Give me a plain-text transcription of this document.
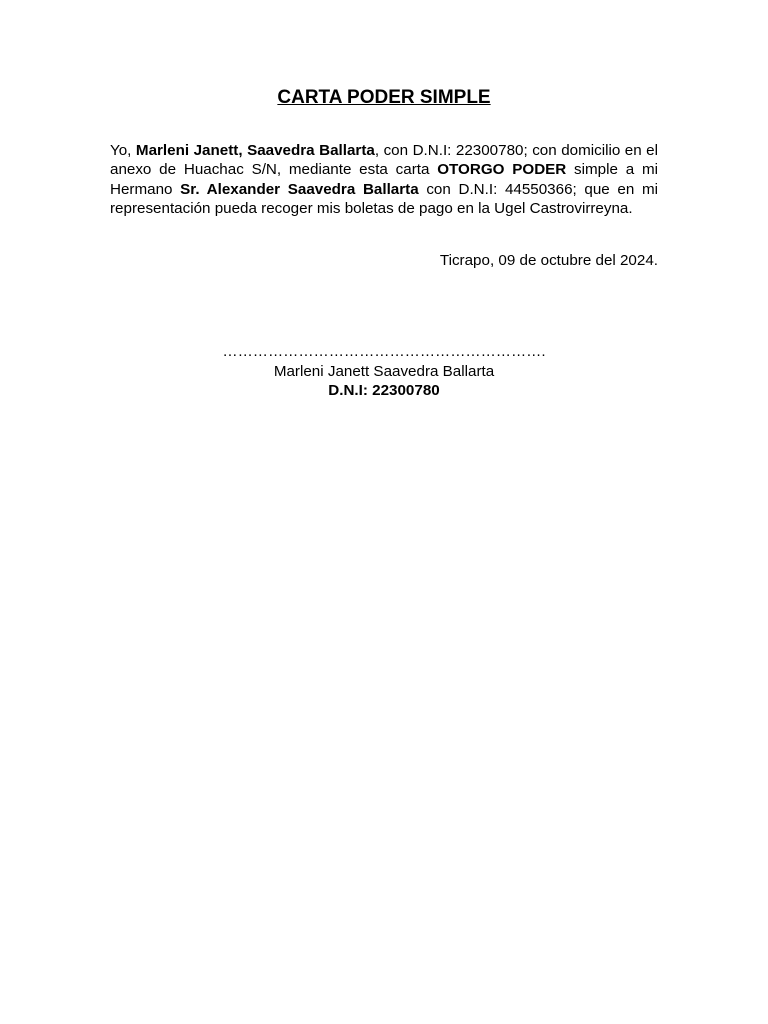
CARTA PODER SIMPLE
Yo, Marleni Janett, Saavedra Ballarta, con D.N.I: 22300780; con domicilio en el anexo de Huachac S/N, mediante esta carta OTORGO PODER simple a mi Hermano Sr. Alexander Saavedra Ballarta con D.N.I: 44550366; que en mi representación pueda recoger mis boletas de pago en la Ugel Castrovirreyna.
Ticrapo, 09 de octubre del 2024.
……………………………………………………….
Marleni Janett Saavedra Ballarta
D.N.I: 22300780
